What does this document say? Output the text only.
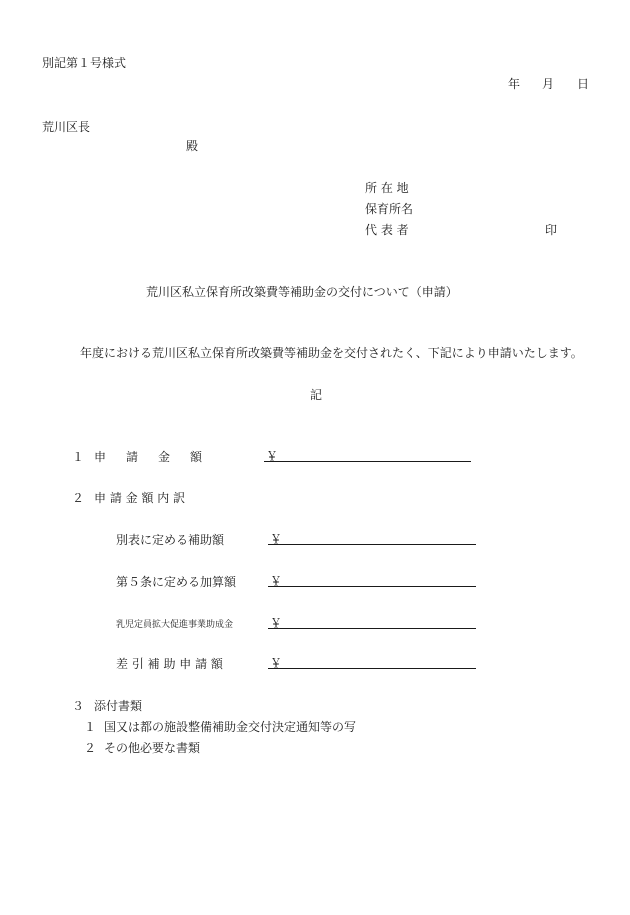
別記第１号様式
年 月 日
荒川区長
殿
所 在 地
保育所名
代 表 者	印
荒川区私立保育所改築費等補助金の交付について（申請）
年度における荒川区私立保育所改築費等補助金を交付されたく、下記により申請いたします。
記
１ 申　請　金　額	￥
２ 申 請 金 額 内 訳
別表に定める補助額	￥
第５条に定める加算額	￥
乳児定員拡大促進事業助成金	￥
差 引 補 助 申 請 額	￥
３ 添付書類
１ 国又は都の施設整備補助金交付決定通知等の写
２ その他必要な書類
